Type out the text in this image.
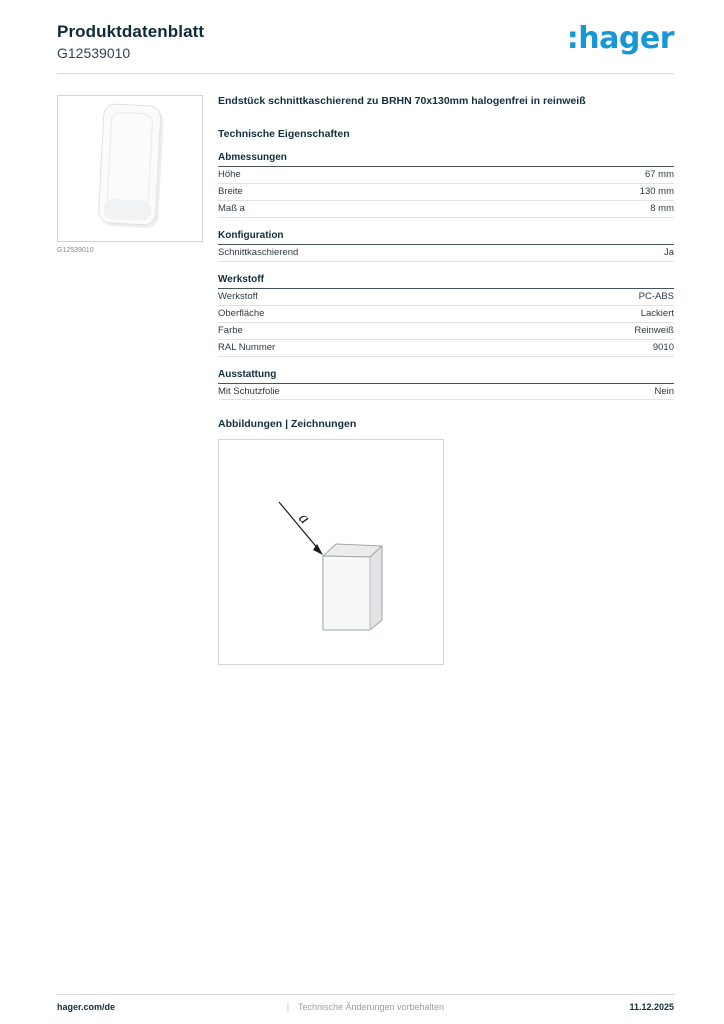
Produktdatenblatt
G12539010	:hager
G12539010
Endstück schnittkaschierend zu BRHN 70x130mm halogenfrei in reinweiß
Technische Eigenschaften
Abmessungen
Höhe	67 mm
Breite	130 mm
Maß a	8 mm
Konfiguration
Schnittkaschierend	Ja
Werkstoff
Werkstoff	PC-ABS
Oberfläche	Lackiert
Farbe	Reinweiß
RAL Nummer	9010
Ausstattung
Mit Schutzfolie	Nein
Abbildungen | Zeichnungen
a
hager.com/de	Technische Änderungen vorbehalten	11.12.2025
